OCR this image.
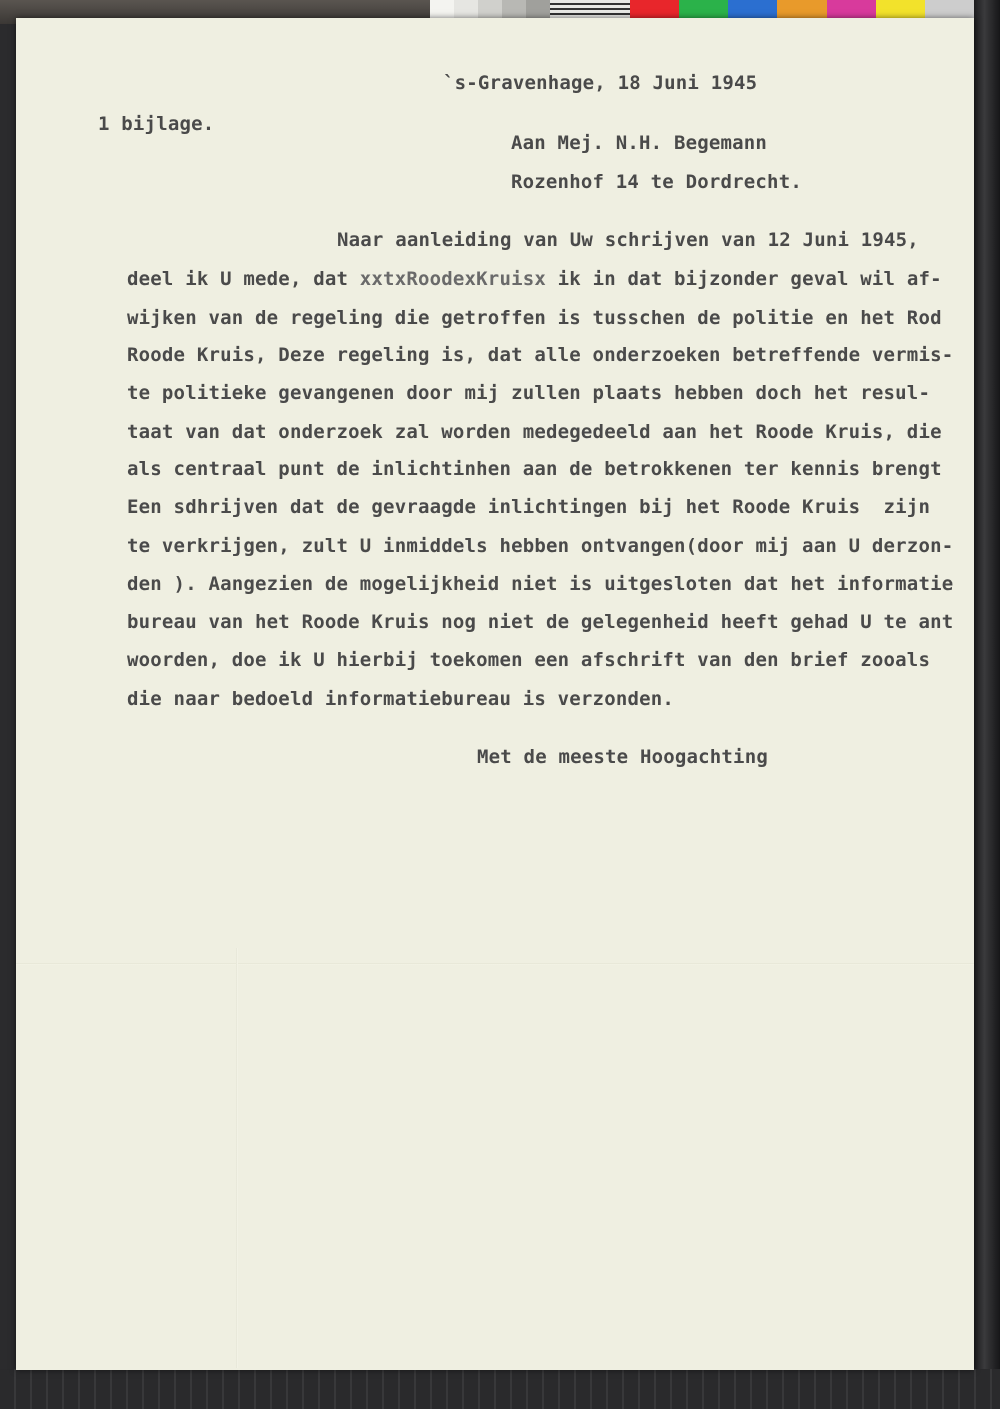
`s-Gravenhage, 18 Juni 1945

1 bijlage.

Aan Mej. N.H. Begemann

Rozenhof 14 te Dordrecht.

Naar aanleiding van Uw schrijven van 12 Juni 1945,

deel ik U mede, dat xxtxRoodexKruisx ik in dat bijzonder geval wil af-

wijken van de regeling die getroffen is tusschen de politie en het Rod

Roode Kruis, Deze regeling is, dat alle onderzoeken betreffende vermis-

te politieke gevangenen door mij zullen plaats hebben doch het resul-

taat van dat onderzoek zal worden medegedeeld aan het Roode Kruis, die

als centraal punt de inlichtinhen aan de betrokkenen ter kennis brengt

Een sdhrijven dat de gevraagde inlichtingen bij het Roode Kruis  zijn

te verkrijgen, zult U inmiddels hebben ontvangen(door mij aan U derzon-

den ). Aangezien de mogelijkheid niet is uitgesloten dat het informatie

bureau van het Roode Kruis nog niet de gelegenheid heeft gehad U te ant

woorden, doe ik U hierbij toekomen een afschrift van den brief zooals

die naar bedoeld informatiebureau is verzonden.

Met de meeste Hoogachting
